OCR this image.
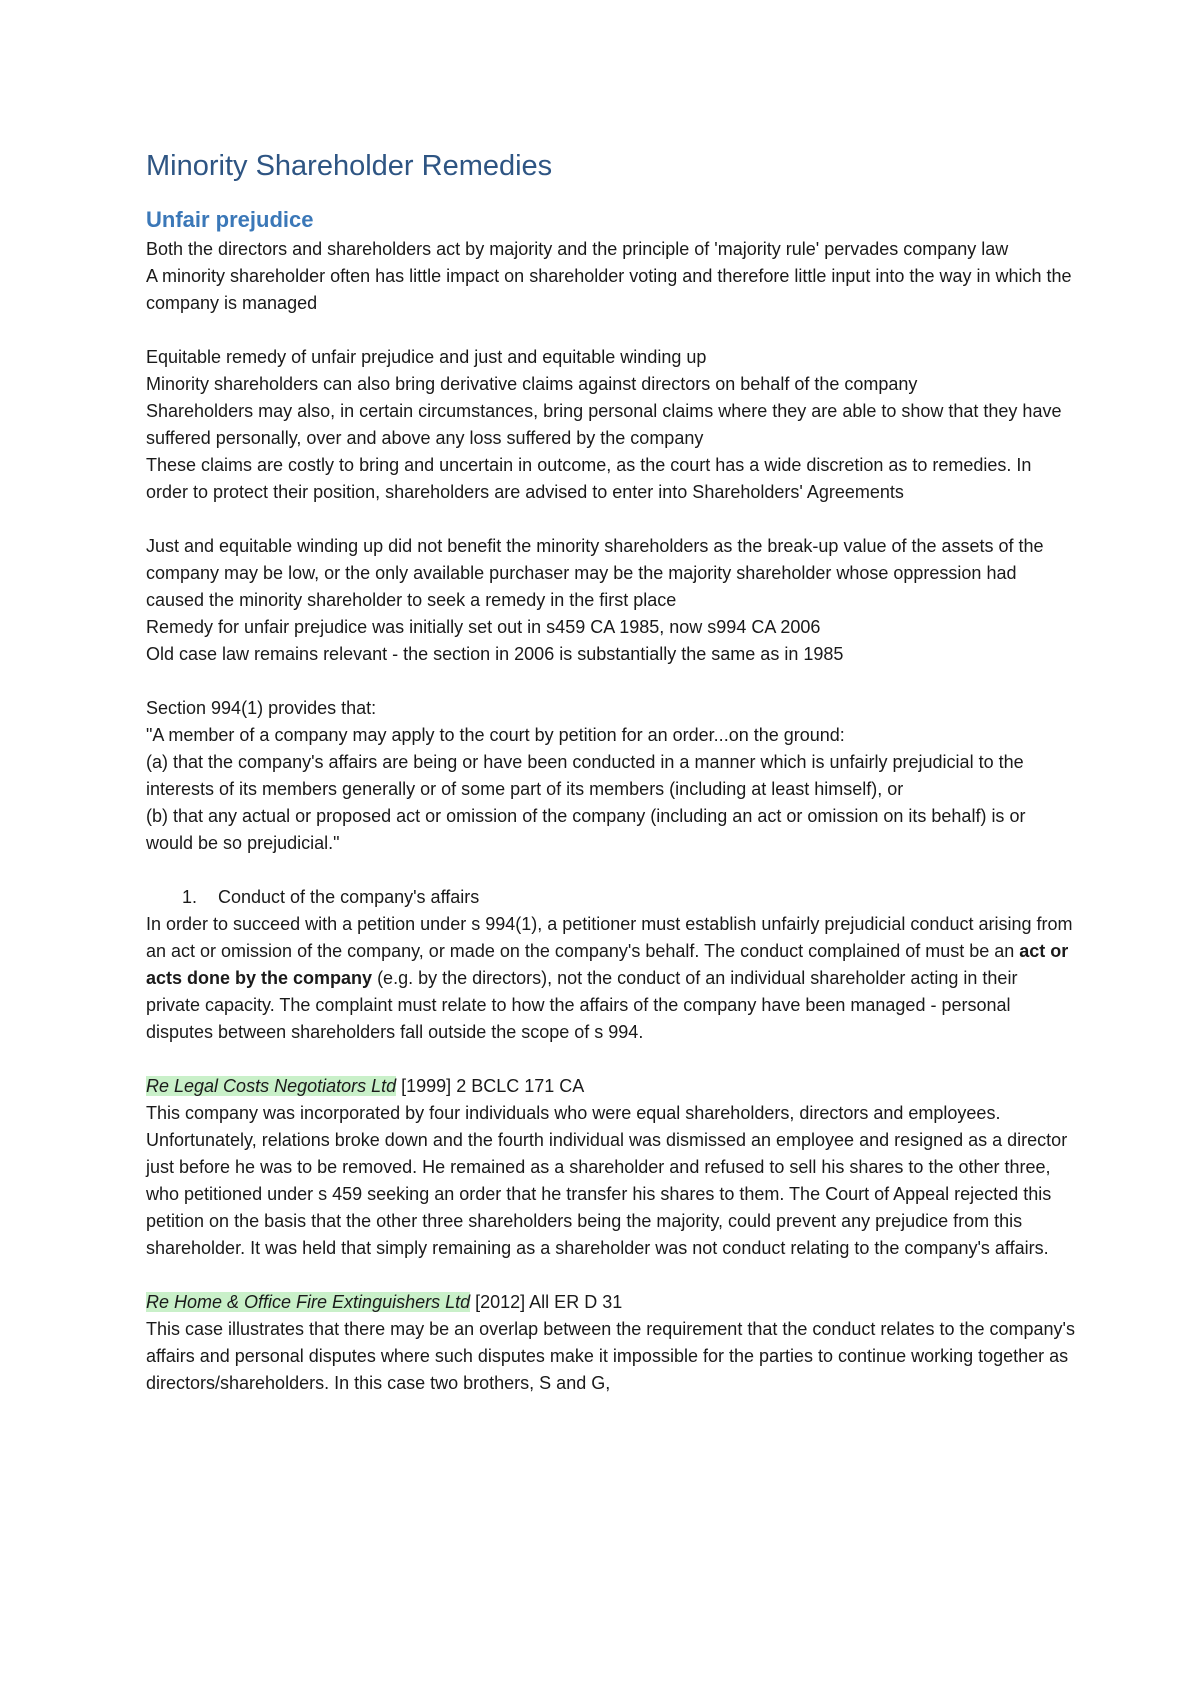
Minority Shareholder Remedies
Unfair prejudice

Both the directors and shareholders act by majority and the principle of 'majority rule' pervades company law

A minority shareholder often has little impact on shareholder voting and therefore little input into the way in which the company is managed

Equitable remedy of unfair prejudice and just and equitable winding up

Minority shareholders can also bring derivative claims against directors on behalf of the company

Shareholders may also, in certain circumstances, bring personal claims where they are able to show that they have suffered personally, over and above any loss suffered by the company

These claims are costly to bring and uncertain in outcome, as the court has a wide discretion as to remedies. In order to protect their position, shareholders are advised to enter into Shareholders' Agreements

Just and equitable winding up did not benefit the minority shareholders as the break-up value of the assets of the company may be low, or the only available purchaser may be the majority shareholder whose oppression had caused the minority shareholder to seek a remedy in the first place

Remedy for unfair prejudice was initially set out in s459 CA 1985, now s994 CA 2006

Old case law remains relevant - the section in 2006 is substantially the same as in 1985

Section 994(1) provides that:

"A member of a company may apply to the court by petition for an order...on the ground:

(a) that the company's affairs are being or have been conducted in a manner which is unfairly prejudicial to the interests of its members generally or of some part of its members (including at least himself), or

(b) that any actual or proposed act or omission of the company (including an act or omission on its behalf) is or would be so prejudicial."

1. Conduct of the company's affairs

In order to succeed with a petition under s 994(1), a petitioner must establish unfairly prejudicial conduct arising from an act or omission of the company, or made on the company's behalf. The conduct complained of must be an act or acts done by the company (e.g. by the directors), not the conduct of an individual shareholder acting in their private capacity. The complaint must relate to how the affairs of the company have been managed - personal disputes between shareholders fall outside the scope of s 994.

Re Legal Costs Negotiators Ltd [1999] 2 BCLC 171 CA

This company was incorporated by four individuals who were equal shareholders, directors and employees. Unfortunately, relations broke down and the fourth individual was dismissed an employee and resigned as a director just before he was to be removed. He remained as a shareholder and refused to sell his shares to the other three, who petitioned under s 459 seeking an order that he transfer his shares to them. The Court of Appeal rejected this petition on the basis that the other three shareholders being the majority, could prevent any prejudice from this shareholder. It was held that simply remaining as a shareholder was not conduct relating to the company's affairs.

Re Home & Office Fire Extinguishers Ltd [2012] All ER D 31

This case illustrates that there may be an overlap between the requirement that the conduct relates to the company's affairs and personal disputes where such disputes make it impossible for the parties to continue working together as directors/shareholders. In this case two brothers, S and G,
